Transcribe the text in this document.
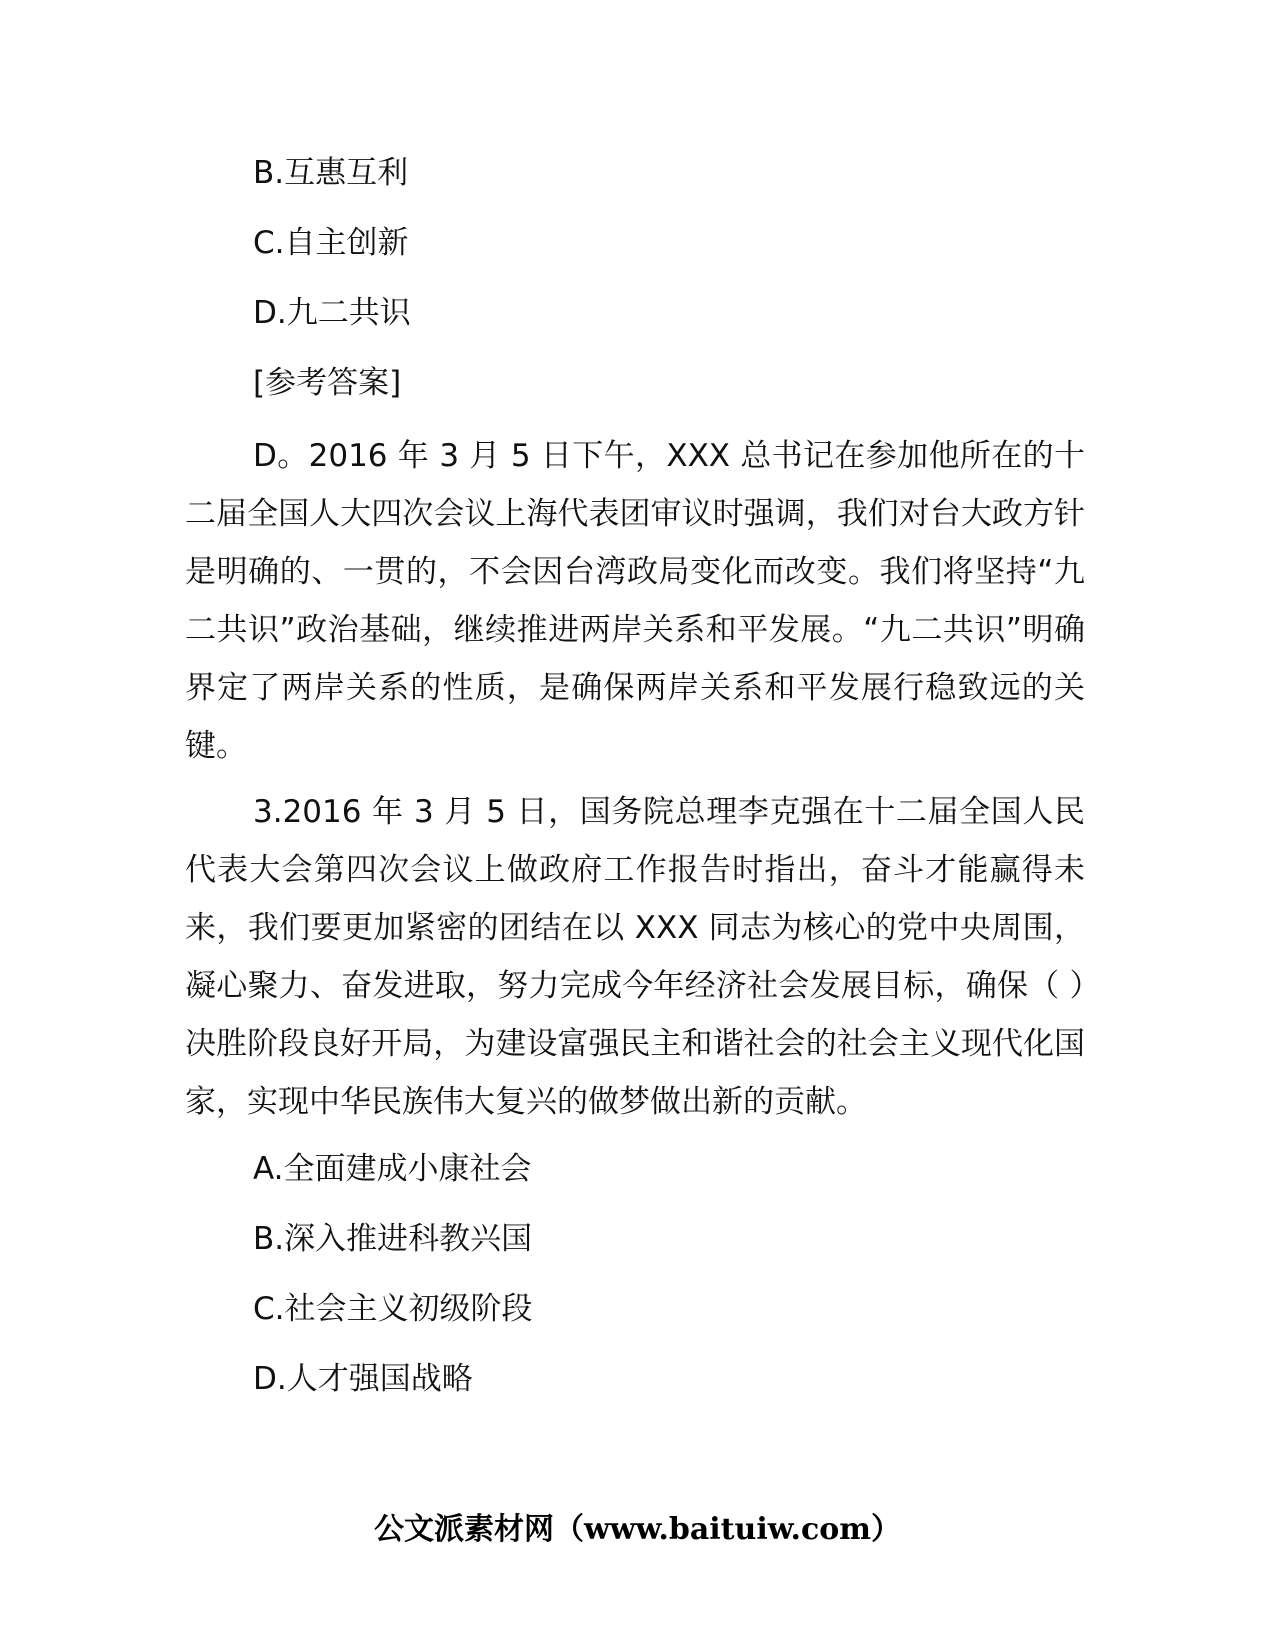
B.互惠互利
C.自主创新
D.九二共识
[参考答案]

D。2016 年 3 月 5 日下午，XXX 总书记在参加他所在的十二届全国人大四次会议上海代表团审议时强调，我们对台大政方针是明确的、一贯的，不会因台湾政局变化而改变。我们将坚持“九二共识”政治基础，继续推进两岸关系和平发展。“九二共识”明确界定了两岸关系的性质，是确保两岸关系和平发展行稳致远的关键。

3.2016 年 3 月 5 日，国务院总理李克强在十二届全国人民代表大会第四次会议上做政府工作报告时指出，奋斗才能赢得未来，我们要更加紧密的团结在以 XXX 同志为核心的党中央周围，凝心聚力、奋发进取，努力完成今年经济社会发展目标，确保（ ）决胜阶段良好开局，为建设富强民主和谐社会的社会主义现代化国家，实现中华民族伟大复兴的做梦做出新的贡献。

A.全面建成小康社会
B.深入推进科教兴国
C.社会主义初级阶段
D.人才强国战略
公文派素材网（www.baituiw.com）
